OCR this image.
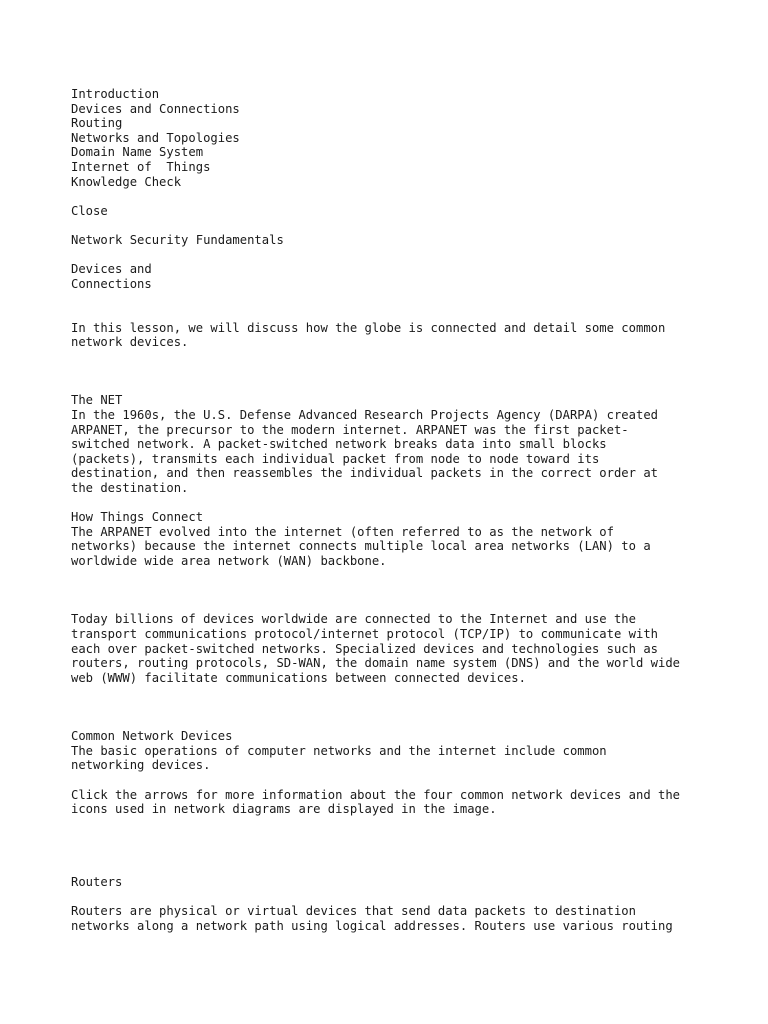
Introduction
Devices and Connections
Routing
Networks and Topologies
Domain Name System
Internet of  Things
Knowledge Check
Close
Network Security Fundamentals
Devices and
Connections
In this lesson, we will discuss how the globe is connected and detail some common
network devices.
The NET
In the 1960s, the U.S. Defense Advanced Research Projects Agency (DARPA) created
ARPANET, the precursor to the modern internet. ARPANET was the first packet-
switched network. A packet-switched network breaks data into small blocks
(packets), transmits each individual packet from node to node toward its
destination, and then reassembles the individual packets in the correct order at
the destination.
How Things Connect
The ARPANET evolved into the internet (often referred to as the network of
networks) because the internet connects multiple local area networks (LAN) to a
worldwide wide area network (WAN) backbone.
Today billions of devices worldwide are connected to the Internet and use the
transport communications protocol/internet protocol (TCP/IP) to communicate with
each over packet-switched networks. Specialized devices and technologies such as
routers, routing protocols, SD-WAN, the domain name system (DNS) and the world wide
web (WWW) facilitate communications between connected devices.
Common Network Devices
The basic operations of computer networks and the internet include common
networking devices.
Click the arrows for more information about the four common network devices and the
icons used in network diagrams are displayed in the image.
Routers
Routers are physical or virtual devices that send data packets to destination
networks along a network path using logical addresses. Routers use various routing
